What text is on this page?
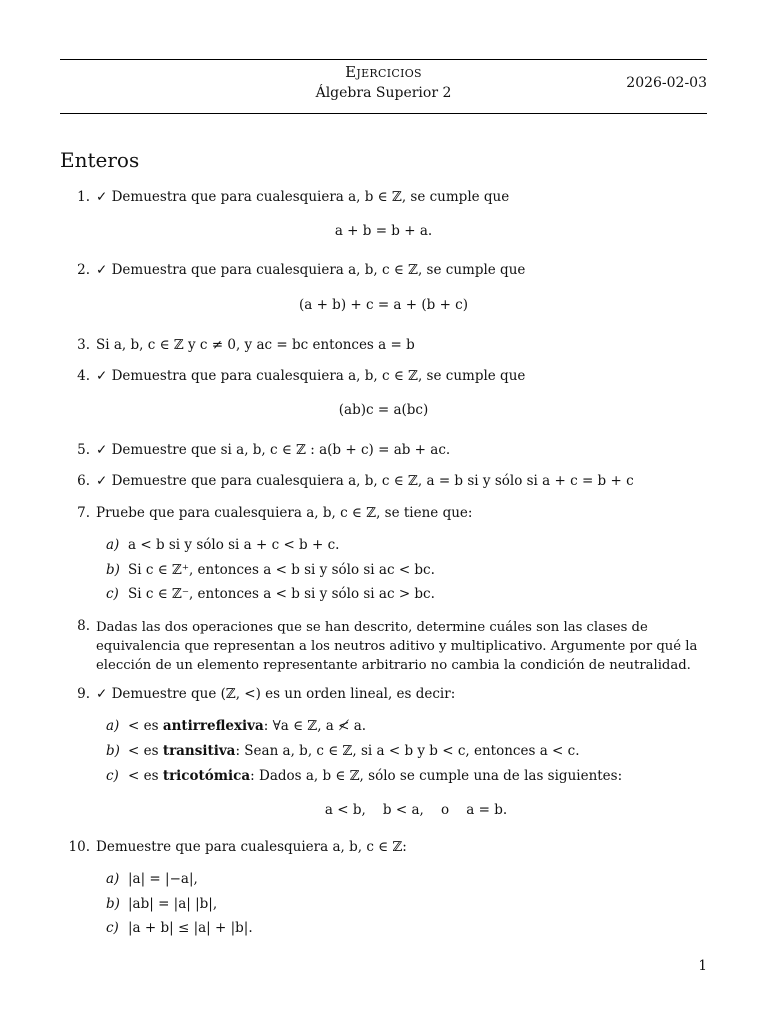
Ejercicios
Álgebra Superior 2
2026-02-03
Enteros
1. ✓ Demuestra que para cualesquiera a, b ∈ ℤ, se cumple que
a + b = b + a.
2. ✓ Demuestra que para cualesquiera a, b, c ∈ ℤ, se cumple que
(a + b) + c = a + (b + c)
3. Si a, b, c ∈ ℤ y c ≠ 0, y ac = bc entonces a = b
4. ✓ Demuestra que para cualesquiera a, b, c ∈ ℤ, se cumple que
(ab)c = a(bc)
5. ✓ Demuestre que si a, b, c ∈ ℤ : a(b + c) = ab + ac.
6. ✓ Demuestre que para cualesquiera a, b, c ∈ ℤ, a = b si y sólo si a + c = b + c
7. Pruebe que para cualesquiera a, b, c ∈ ℤ, se tiene que:
a) a < b si y sólo si a + c < b + c.
b) Si c ∈ ℤ⁺, entonces a < b si y sólo si ac < bc.
c) Si c ∈ ℤ⁻, entonces a < b si y sólo si ac > bc.
8. Dadas las dos operaciones que se han descrito, determine cuáles son las clases de equivalencia que representan a los neutros aditivo y multiplicativo. Argumente por qué la elección de un elemento representante arbitrario no cambia la condición de neutralidad.
9. ✓ Demuestre que (ℤ, <) es un orden lineal, es decir:
a) < es antirreflexiva: ∀a ∈ ℤ, a ≮ a.
b) < es transitiva: Sean a, b, c ∈ ℤ, si a < b y b < c, entonces a < c.
c) < es tricotómica: Dados a, b ∈ ℤ, sólo se cumple una de las siguientes:
a < b,    b < a,    o    a = b.
10. Demuestre que para cualesquiera a, b, c ∈ ℤ:
a) |a| = |−a|,
b) |ab| = |a| |b|,
c) |a + b| ≤ |a| + |b|.
1
